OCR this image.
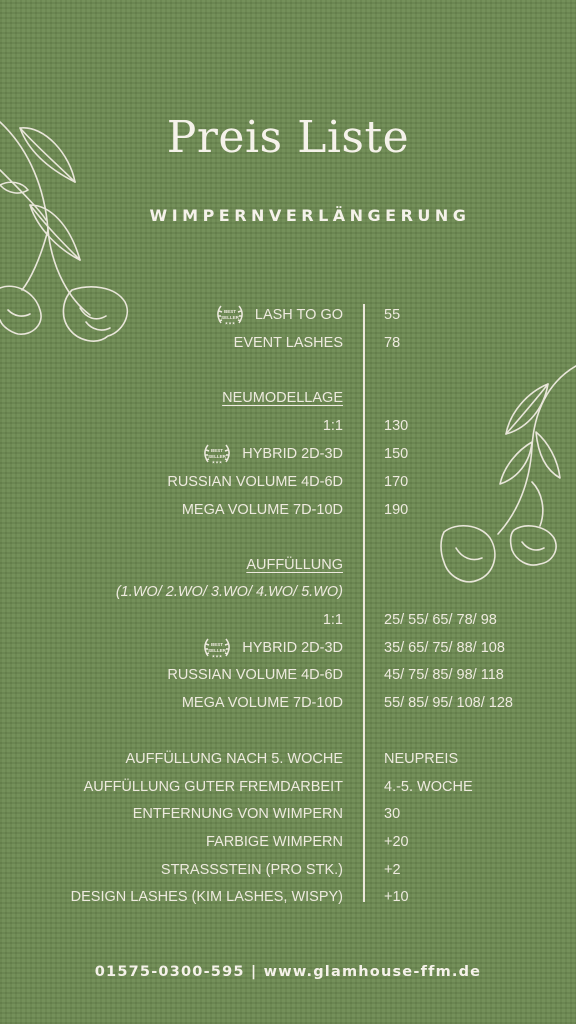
Preis Liste
WIMPERNVERLÄNGERUNG
BEST
SELLER
★★★ LASH TO GO	55
EVENT LASHES	78
NEUMODELLAGE
1:1	130
BEST
SELLER
★★★ HYBRID 2D-3D	150
RUSSIAN VOLUME 4D-6D	170
MEGA VOLUME 7D-10D	190
AUFFÜLLUNG
(1.WO/ 2.WO/ 3.WO/ 4.WO/ 5.WO)
1:1	25/ 55/ 65/ 78/ 98
BEST
SELLER
★★★ HYBRID 2D-3D	35/ 65/ 75/ 88/ 108
RUSSIAN VOLUME 4D-6D	45/ 75/ 85/ 98/ 118
MEGA VOLUME 7D-10D	55/ 85/ 95/ 108/ 128
AUFFÜLLUNG NACH 5. WOCHE	NEUPREIS
AUFFÜLLUNG GUTER FREMDARBEIT	4.-5. WOCHE
ENTFERNUNG VON WIMPERN	30
FARBIGE WIMPERN	+20
STRASSSTEIN (PRO STK.)	+2
DESIGN LASHES (KIM LASHES, WISPY)	+10
01575-0300-595 | www.glamhouse-ffm.de
